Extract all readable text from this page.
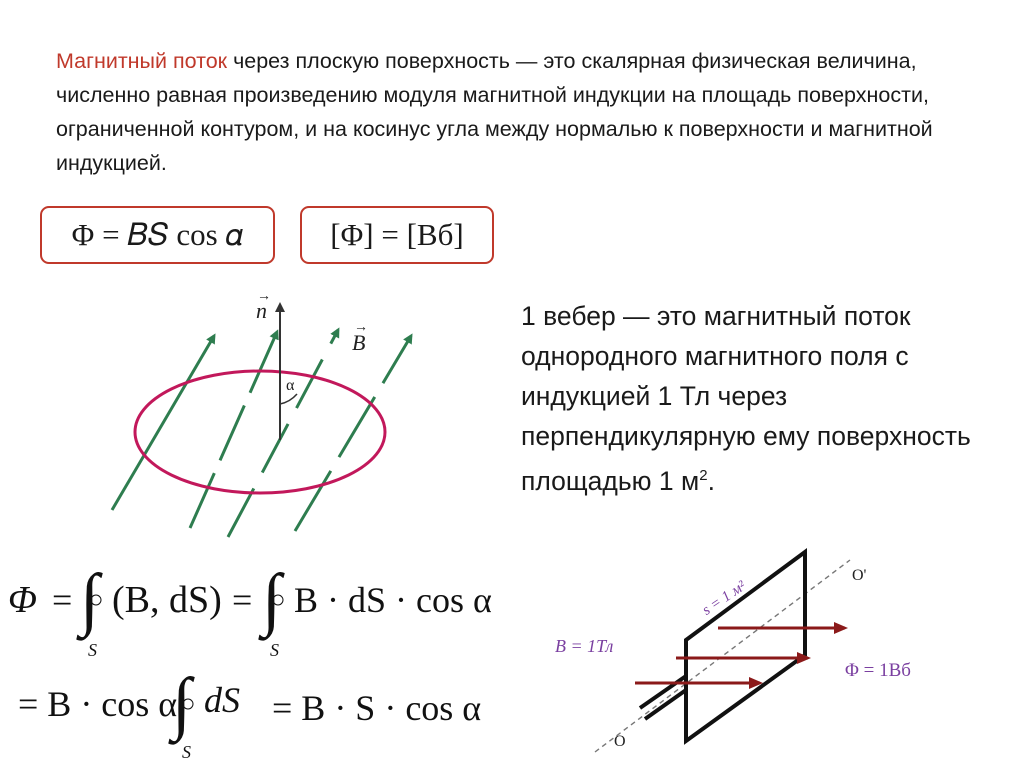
Магнитный поток через плоскую поверхность — это скалярная физическая величина, численно равная произведению модуля магнитной индукции на площадь поверхности, ограниченной контуром, и на косинус угла между нормалью к поверхности и магнитной индукцией.

Φ = 𝐵𝑆 cos 𝛼	[Φ] = [Вб]

1 вебер — это магнитный поток однородного магнитного поля с индукцией 1 Тл через перпендикулярную ему поверхность площадью 1 $м^2$.

n
→
B
→
α
Φ = ∫
S
(B, dS) = ∫
S
B · dS · cos α
= B · cos α
∫
S
dS = B · S · cos α
s = 1 м²
B = 1Тл
Φ = 1Вб
O'
O
